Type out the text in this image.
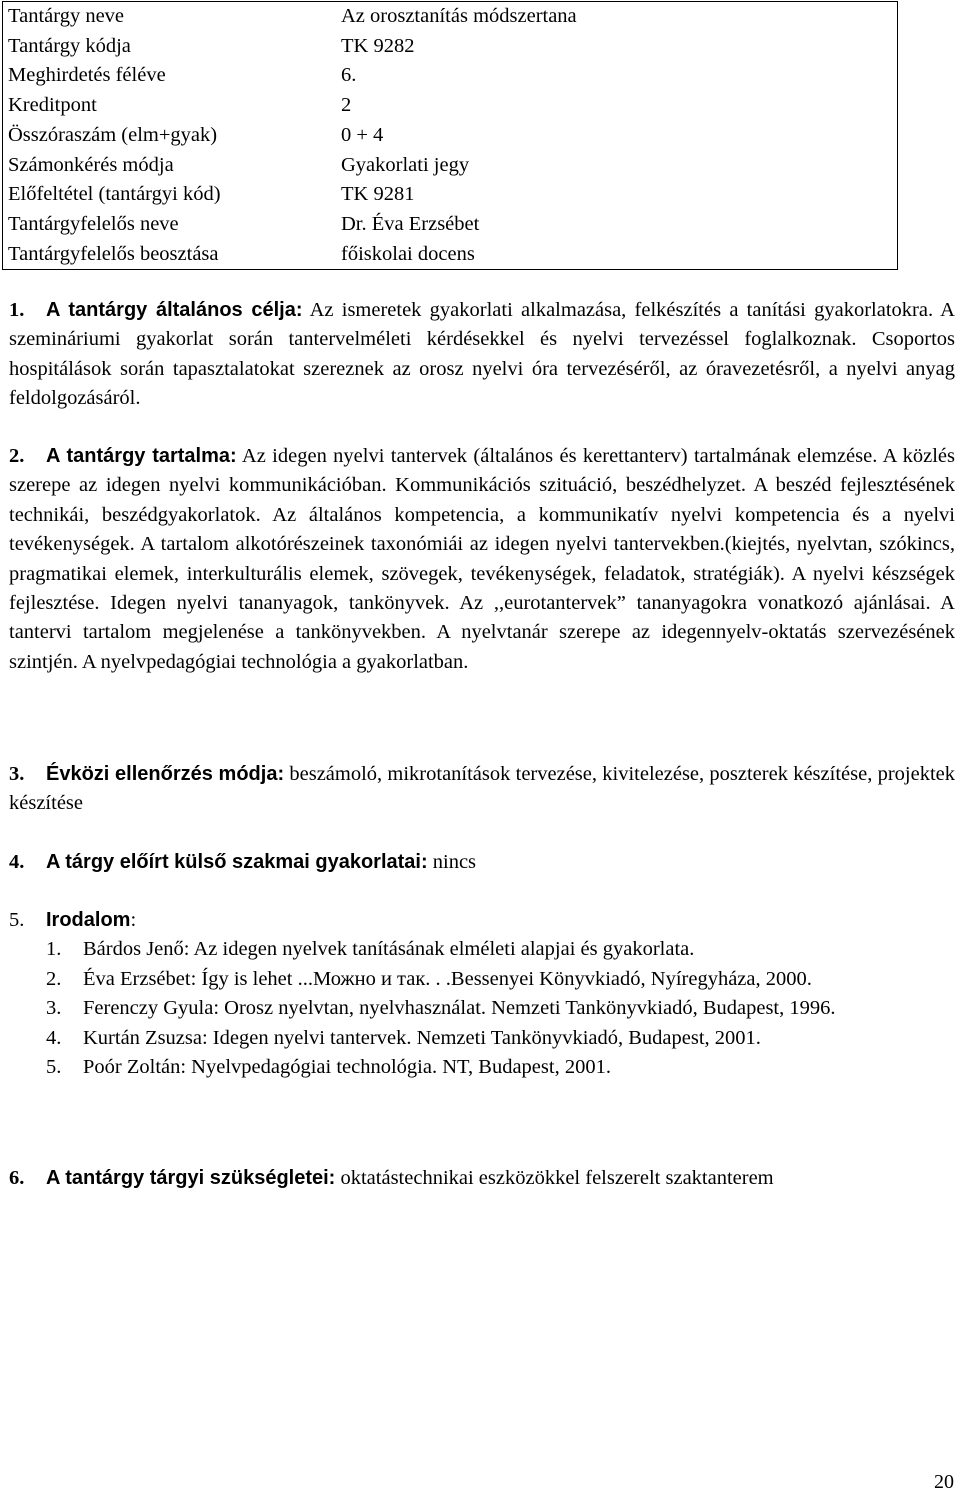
Tantárgy neve	Az orosztanítás módszertana
Tantárgy kódja	TK 9282
Meghirdetés féléve	6.
Kreditpont	2
Összóraszám (elm+gyak)	0 + 4
Számonkérés módja	Gyakorlati jegy
Előfeltétel (tantárgyi kód)	TK 9281
Tantárgyfelelős neve	Dr. Éva Erzsébet
Tantárgyfelelős beosztása	főiskolai docens

1. A tantárgy általános célja: Az ismeretek gyakorlati alkalmazása, felkészítés a tanítási gyakorlatokra. A szemináriumi gyakorlat során tantervelméleti kérdésekkel és nyelvi tervezéssel foglalkoznak. Csoportos hospitálások során tapasztalatokat szereznek az orosz nyelvi óra tervezéséről, az óravezetésről, a nyelvi anyag feldolgozásáról.

2. A tantárgy tartalma: Az idegen nyelvi tantervek (általános és kerettanterv) tartalmának elemzése. A közlés szerepe az idegen nyelvi kommunikációban. Kommunikációs szituáció, beszédhelyzet. A beszéd fejlesztésének technikái, beszédgyakorlatok. Az általános kompetencia, a kommunikatív nyelvi kompetencia és a nyelvi tevékenységek. A tartalom alkotórészeinek taxonómiái az idegen nyelvi tantervekben.(kiejtés, nyelvtan, szókincs, pragmatikai elemek, interkulturális elemek, szövegek, tevékenységek, feladatok, stratégiák). A nyelvi készségek fejlesztése. Idegen nyelvi tananyagok, tankönyvek. Az ,,eurotantervek” tananyagokra vonatkozó ajánlásai. A tantervi tartalom megjelenése a tankönyvekben. A nyelvtanár szerepe az idegennyelv-oktatás szervezésének szintjén. A nyelvpedagógiai technológia a gyakorlatban.

3. Évközi ellenőrzés módja: beszámoló, mikrotanítások tervezése, kivitelezése, poszterek készítése, projektek készítése

4. A tárgy előírt külső szakmai gyakorlatai: nincs

5. Irodalom:

1. Bárdos Jenő: Az idegen nyelvek tanításának elméleti alapjai és gyakorlata.
2. Éva Erzsébet: Így is lehet ...Можно и так. . .Bessenyei Könyvkiadó, Nyíregyháza, 2000.
3. Ferenczy Gyula: Orosz nyelvtan, nyelvhasználat. Nemzeti Tankönyvkiadó, Budapest, 1996.
4. Kurtán Zsuzsa: Idegen nyelvi tantervek. Nemzeti Tankönyvkiadó, Budapest, 2001.
5. Poór Zoltán: Nyelvpedagógiai technológia. NT, Budapest, 2001.

6. A tantárgy tárgyi szükségletei: oktatástechnikai eszközökkel felszerelt szaktanterem

20
